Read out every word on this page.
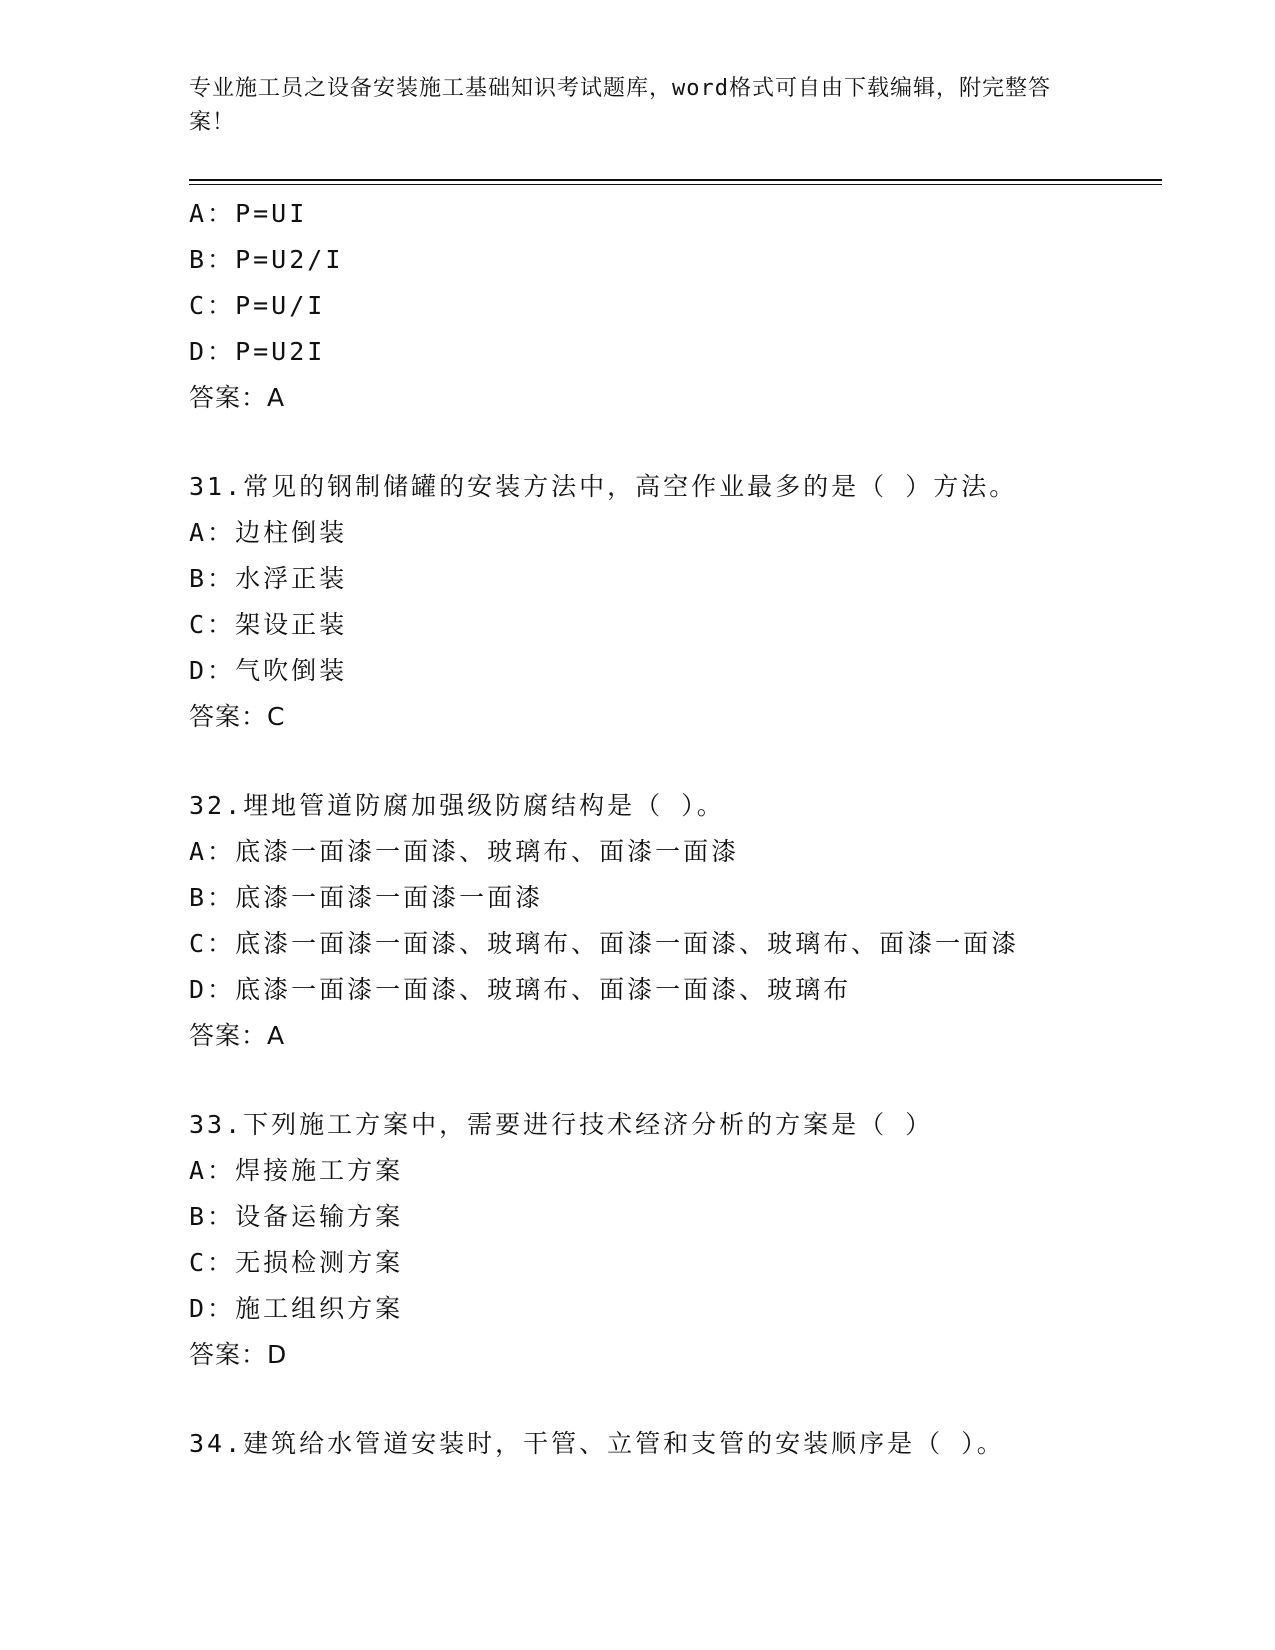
专业施工员之设备安装施工基础知识考试题库，word格式可自由下载编辑，附完整答案！
A：P=UI
B：P=U2/I
C：P=U/I
D：P=U2I
答案：A
31.常见的钢制储罐的安装方法中，高空作业最多的是（ ）方法。
A：边柱倒装
B：水浮正装
C：架设正装
D：气吹倒装
答案：C
32.埋地管道防腐加强级防腐结构是（ ）。
A：底漆一面漆一面漆、玻璃布、面漆一面漆
B：底漆一面漆一面漆一面漆
C：底漆一面漆一面漆、玻璃布、面漆一面漆、玻璃布、面漆一面漆
D：底漆一面漆一面漆、玻璃布、面漆一面漆、玻璃布
答案：A
33.下列施工方案中，需要进行技术经济分析的方案是（ ）
A：焊接施工方案
B：设备运输方案
C：无损检测方案
D：施工组织方案
答案：D
34.建筑给水管道安装时，干管、立管和支管的安装顺序是（ ）。
